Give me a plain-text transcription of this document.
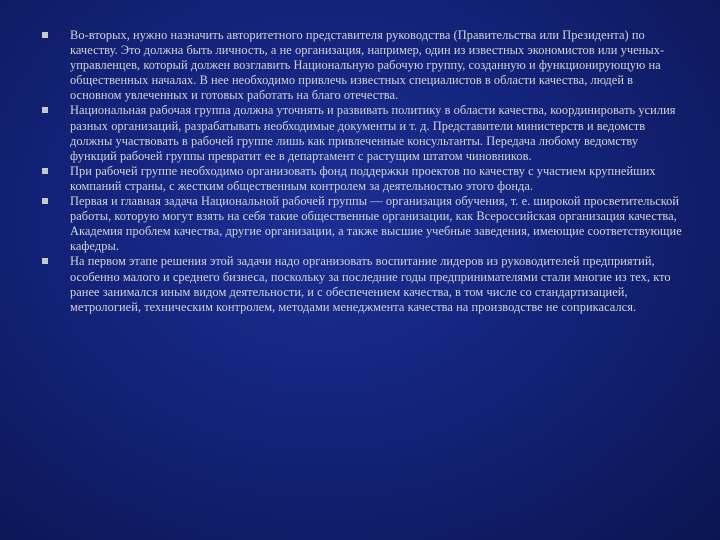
Во-вторых, нужно назначить авторитетного представителя руководства (Правительства или Президента) по качеству. Это должна быть личность, а не организация, например, один из известных экономистов или ученых-управленцев, который должен возглавить Национальную рабочую группу, созданную и функционирующую на общественных началах. В нее необходимо привлечь известных специалистов в области качества, людей в основном увлеченных и готовых работать на благо отечества.
Национальная рабочая группа должна уточнять и развивать политику в области качества, координировать усилия разных организаций, разрабатывать необходимые документы и т. д. Представители министерств и ведомств должны участвовать в рабочей группе лишь как привлеченные консультанты. Передача любому ведомству функций рабочей группы превратит ее в департамент с растущим штатом чиновников.
При рабочей группе необходимо организовать фонд поддержки проектов по качеству с участием крупнейших компаний страны, с жестким общественным контролем за деятельностью этого фонда.
Первая и главная задача Национальной рабочей группы — организация обучения, т. е. широкой просветительской работы, которую могут взять на себя такие общественные организации, как Всероссийская организация качества, Академия проблем качества, другие организации, а также высшие учебные заведения, имеющие соответствующие кафедры.
На первом этапе решения этой задачи надо организовать воспитание лидеров из руководителей предприятий, особенно малого и среднего бизнеса, поскольку за последние годы предпринимателями стали многие из тех, кто ранее занимался иным видом деятельности, и с обеспечением качества, в том числе со стандартизацией, метрологией, техническим контролем, методами менеджмента качества на производстве не соприкасался.
